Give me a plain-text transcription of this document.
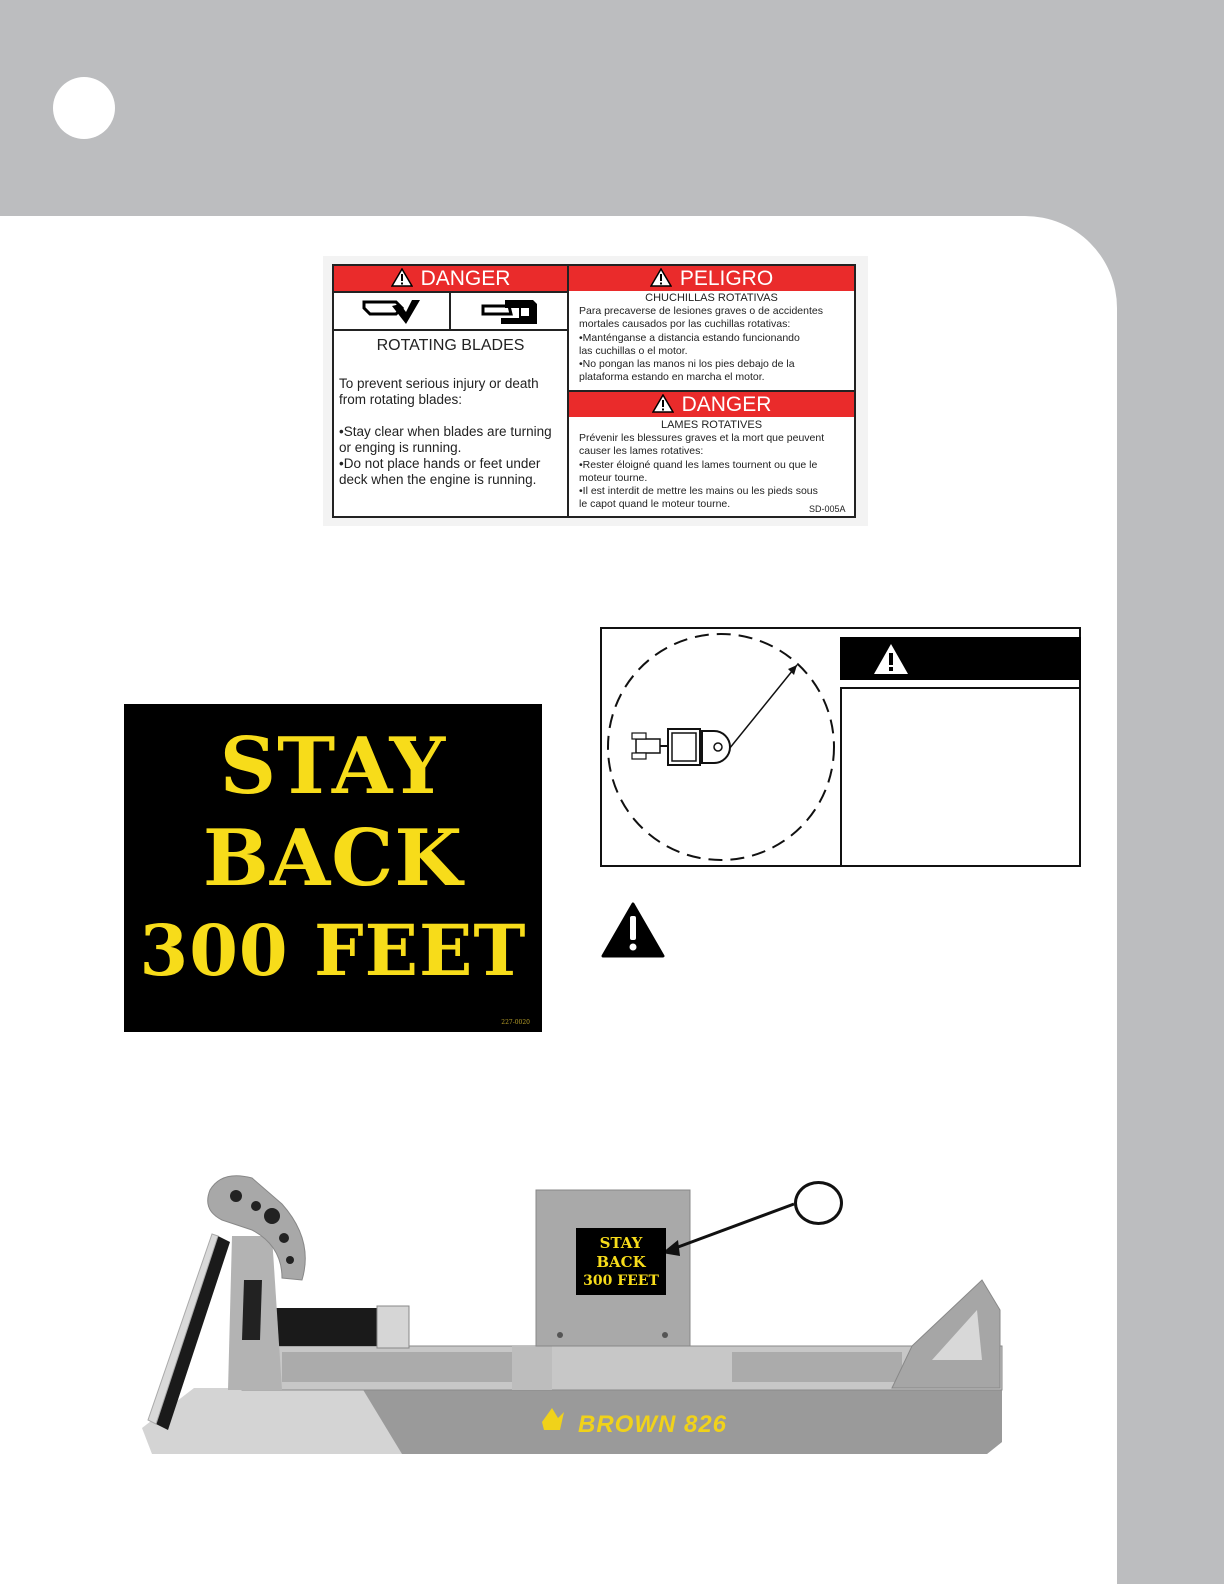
DANGER	PELIGRO
DANGER
ROTATING BLADES
To prevent serious injury or death
from rotating blades:
•Stay clear when blades are turning
or enging is running.
•Do not place hands or feet under
deck when the engine is running.
CHUCHILLAS ROTATIVAS
Para precaverse de lesiones graves o de accidentes
mortales causados por las cuchillas rotativas:
•Manténganse a distancia estando funcionando
las cuchillas o el motor.
•No pongan las manos ni los pies debajo de la
plataforma estando en marcha el motor.
LAMES ROTATIVES
Prévenir les blessures graves et la mort que peuvent
causer les lames rotatives:
•Rester éloigné quand les lames tournent ou que le
moteur tourne.
•Il est interdit de mettre les mains ou les pieds sous
le capot quand le moteur tourne.	SD-005A
STAY
BACK
300 FEET
227-0020
STAY
BACK
300 FEET
BROWN 826
